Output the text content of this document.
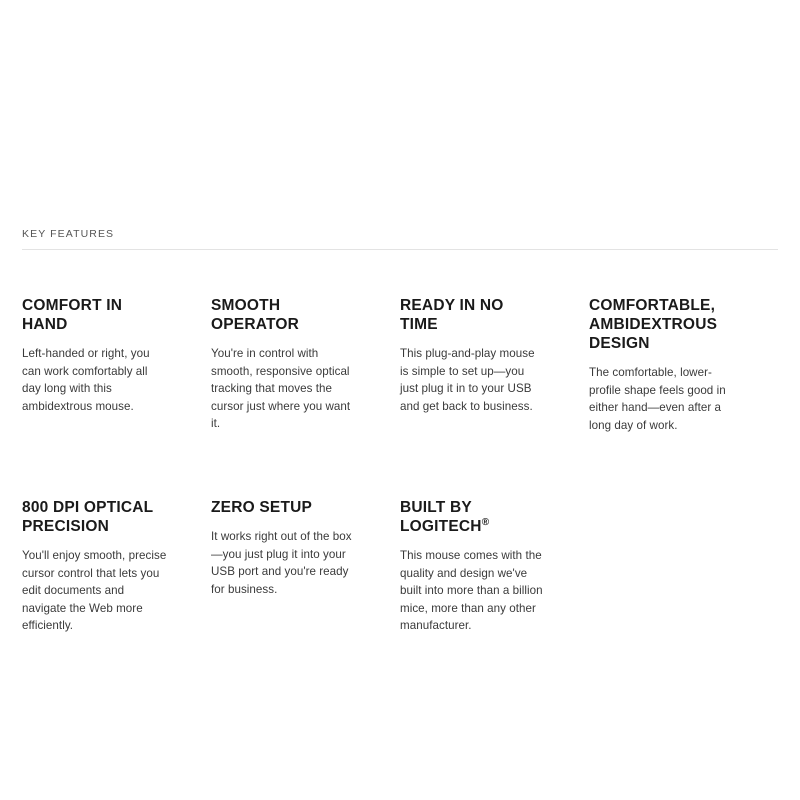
KEY FEATURES
COMFORT IN HAND

Left-handed or right, you can work comfortably all day long with this ambidextrous mouse.

SMOOTH OPERATOR

You're in control with smooth, responsive optical tracking that moves the cursor just where you want it.

READY IN NO TIME

This plug-and-play mouse is simple to set up—you just plug it in to your USB and get back to business.

COMFORTABLE, AMBIDEXTROUS DESIGN

The comfortable, lower-profile shape feels good in either hand—even after a long day of work.

800 DPI OPTICAL PRECISION

You'll enjoy smooth, precise cursor control that lets you edit documents and navigate the Web more efficiently.

ZERO SETUP

It works right out of the box—you just plug it into your USB port and you're ready for business.

BUILT BY LOGITECH®

This mouse comes with the quality and design we've built into more than a billion mice, more than any other manufacturer.
